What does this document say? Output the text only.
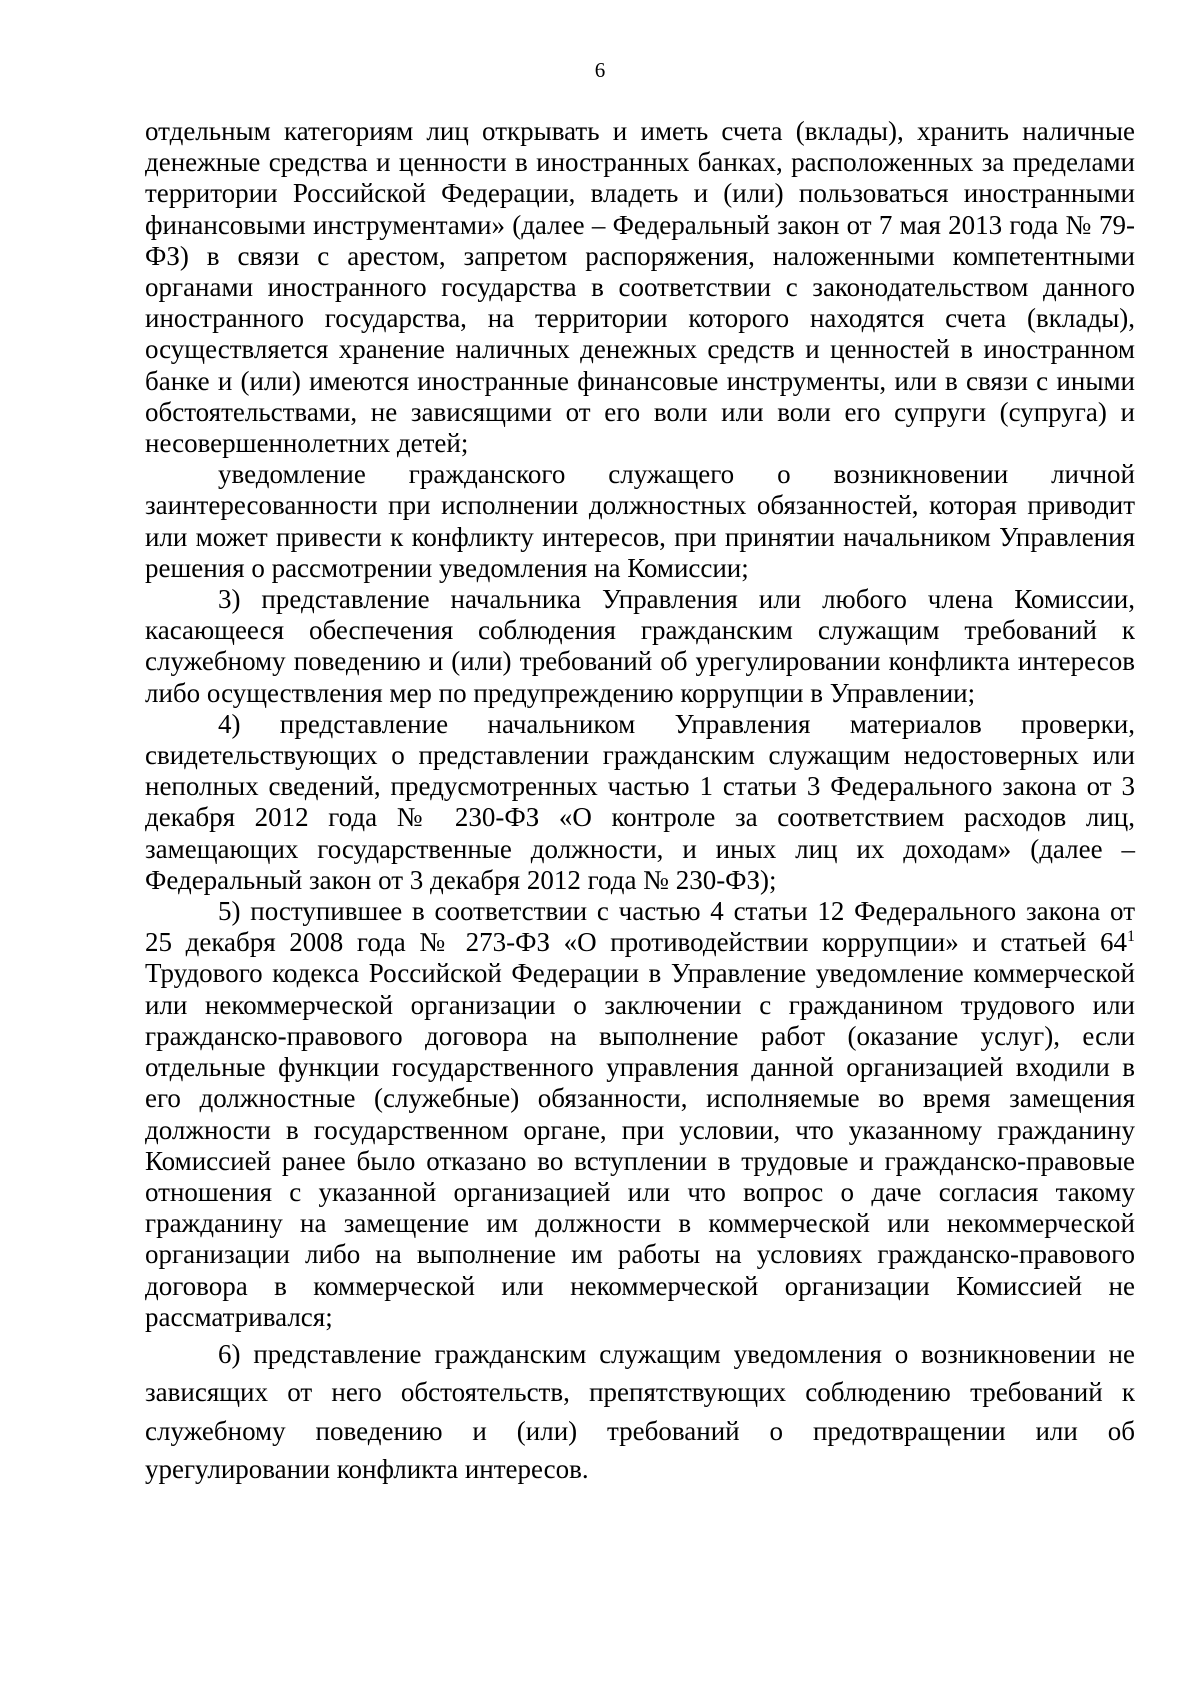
6

отдельным категориям лиц открывать и иметь счета (вклады), хранить наличные денежные средства и ценности в иностранных банках, расположенных за пределами территории Российской Федерации, владеть и (или) пользоваться иностранными финансовыми инструментами» (далее – Федеральный закон от 7 мая 2013 года № 79-ФЗ) в связи с арестом, запретом распоряжения, наложенными компетентными органами иностранного государства в соответствии с законодательством данного иностранного государства, на территории которого находятся счета (вклады), осуществляется хранение наличных денежных средств и ценностей в иностранном банке и (или) имеются иностранные финансовые инструменты, или в связи с иными обстоятельствами, не зависящими от его воли или воли его супруги (супруга) и несовершеннолетних детей;

уведомление гражданского служащего о возникновении личной заинтересованности при исполнении должностных обязанностей, которая приводит или может привести к конфликту интересов, при принятии начальником Управления решения о рассмотрении уведомления на Комиссии;

3) представление начальника Управления или любого члена Комиссии, касающееся обеспечения соблюдения гражданским служащим требований к служебному поведению и (или) требований об урегулировании конфликта интересов либо осуществления мер по предупреждению коррупции в Управлении;

4) представление начальником Управления материалов проверки, свидетельствующих о представлении гражданским служащим недостоверных или неполных сведений, предусмотренных частью 1 статьи 3 Федерального закона от 3 декабря 2012 года № 230-ФЗ «О контроле за соответствием расходов лиц, замещающих государственные должности, и иных лиц их доходам» (далее – Федеральный закон от 3 декабря 2012 года № 230-ФЗ);

5) поступившее в соответствии с частью 4 статьи 12 Федерального закона от 25 декабря 2008 года № 273-ФЗ «О противодействии коррупции» и статьей $64^1$ Трудового кодекса Российской Федерации в Управление уведомление коммерческой или некоммерческой организации о заключении с гражданином трудового или гражданско-правового договора на выполнение работ (оказание услуг), если отдельные функции государственного управления данной организацией входили в его должностные (служебные) обязанности, исполняемые во время замещения должности в государственном органе, при условии, что указанному гражданину Комиссией ранее было отказано во вступлении в трудовые и гражданско-правовые отношения с указанной организацией или что вопрос о даче согласия такому гражданину на замещение им должности в коммерческой или некоммерческой организации либо на выполнение им работы на условиях гражданско-правового договора в коммерческой или некоммерческой организации Комиссией не рассматривался;

6) представление гражданским служащим уведомления о возникновении не зависящих от него обстоятельств, препятствующих соблюдению требований к служебному поведению и (или) требований о предотвращении или об урегулировании конфликта интересов.
